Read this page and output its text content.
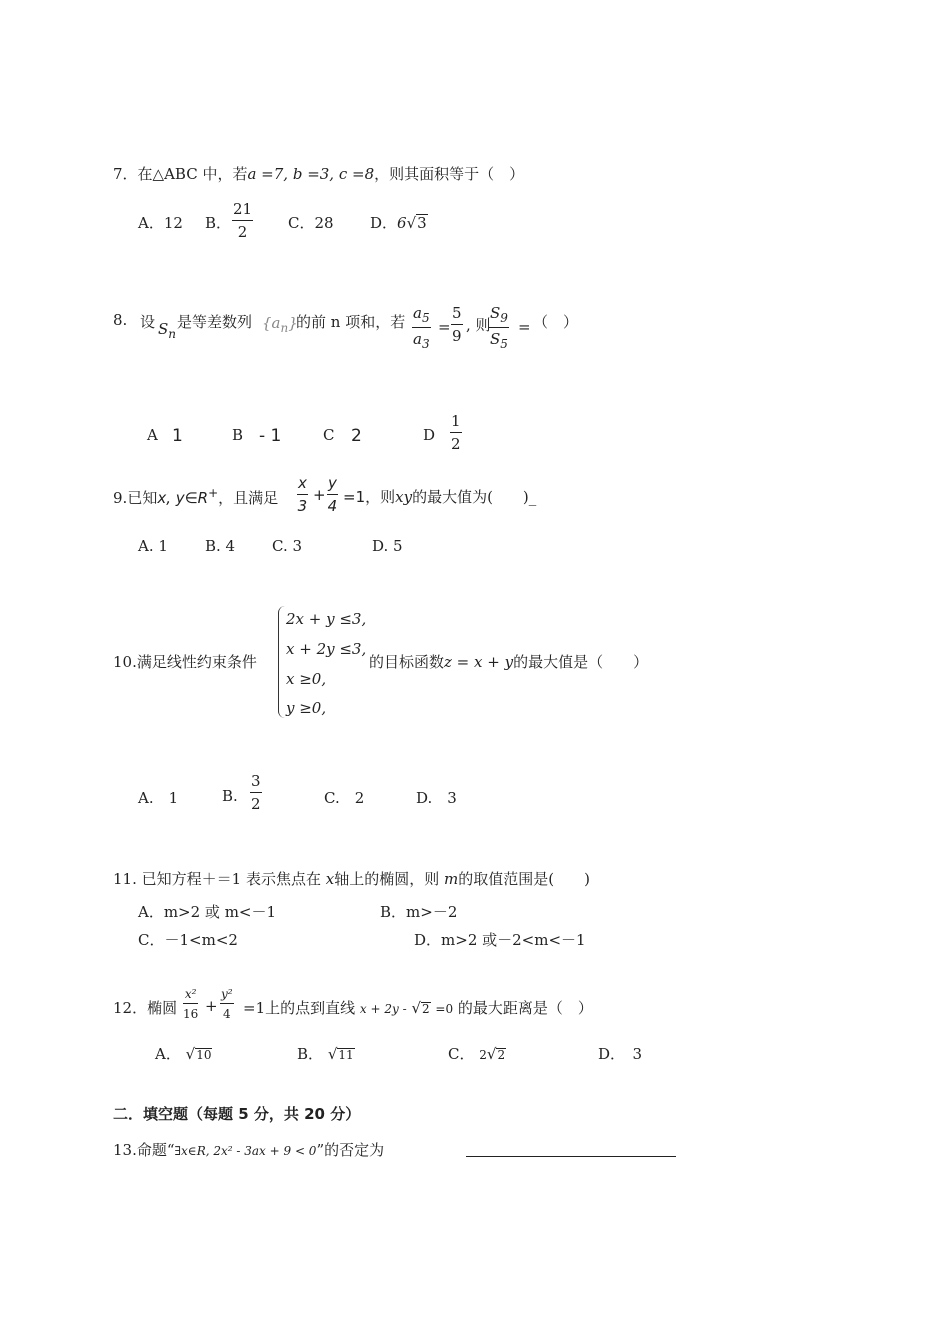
7．在△ABC 中，若a =7, b =3, c =8，则其面积等于（　）
A．12 B． $\frac{21}{2}$ C．28 D．6√3
8. 设 $S_n$
是等差数列 $\{a_n\}$
的前 n 项和，若 $\frac{a_5}{a_3} = \frac{5}{9}$ , 则
$\frac{S_9}{S_5}$ = （　）
A 1	B - 1	C 2	D $\frac{1}{2}$
9.已知x, y∈R+，且满足 $\frac{x}{3} + \frac{y}{4} =1$，则xy的最大值为(　　)_
A. 1 B. 4 C. 3	D. 5
10.满足线性约束条件
2x + y ≤3,
x + 2y ≤3,
x ≥0,
y ≥0,
的目标函数z = x + y的最大值是（　　）
A.　1	B. $\frac{3}{2}$	C.　2	D.　3
11. 已知方程＋＝1 表示焦点在 x轴上的椭圆，则 m的取值范围是(　　)
A．m>2 或 m<－1	B．m>－2
C．－1<m<2	D．m>2 或－2<m<－1
12．椭圆 $\frac{\text{x²}}{16} + \frac{\text{y²}}{4} =1$上的点到直线 x + 2y - √2 =0 的最大距离是（　）
A． √10	B． √11	C． 2√2	D．　3
二．填空题（每题 5 分，共 20 分）
13.命题“∃x∈R, 2x² - 3ax + 9 < 0”的否定为
